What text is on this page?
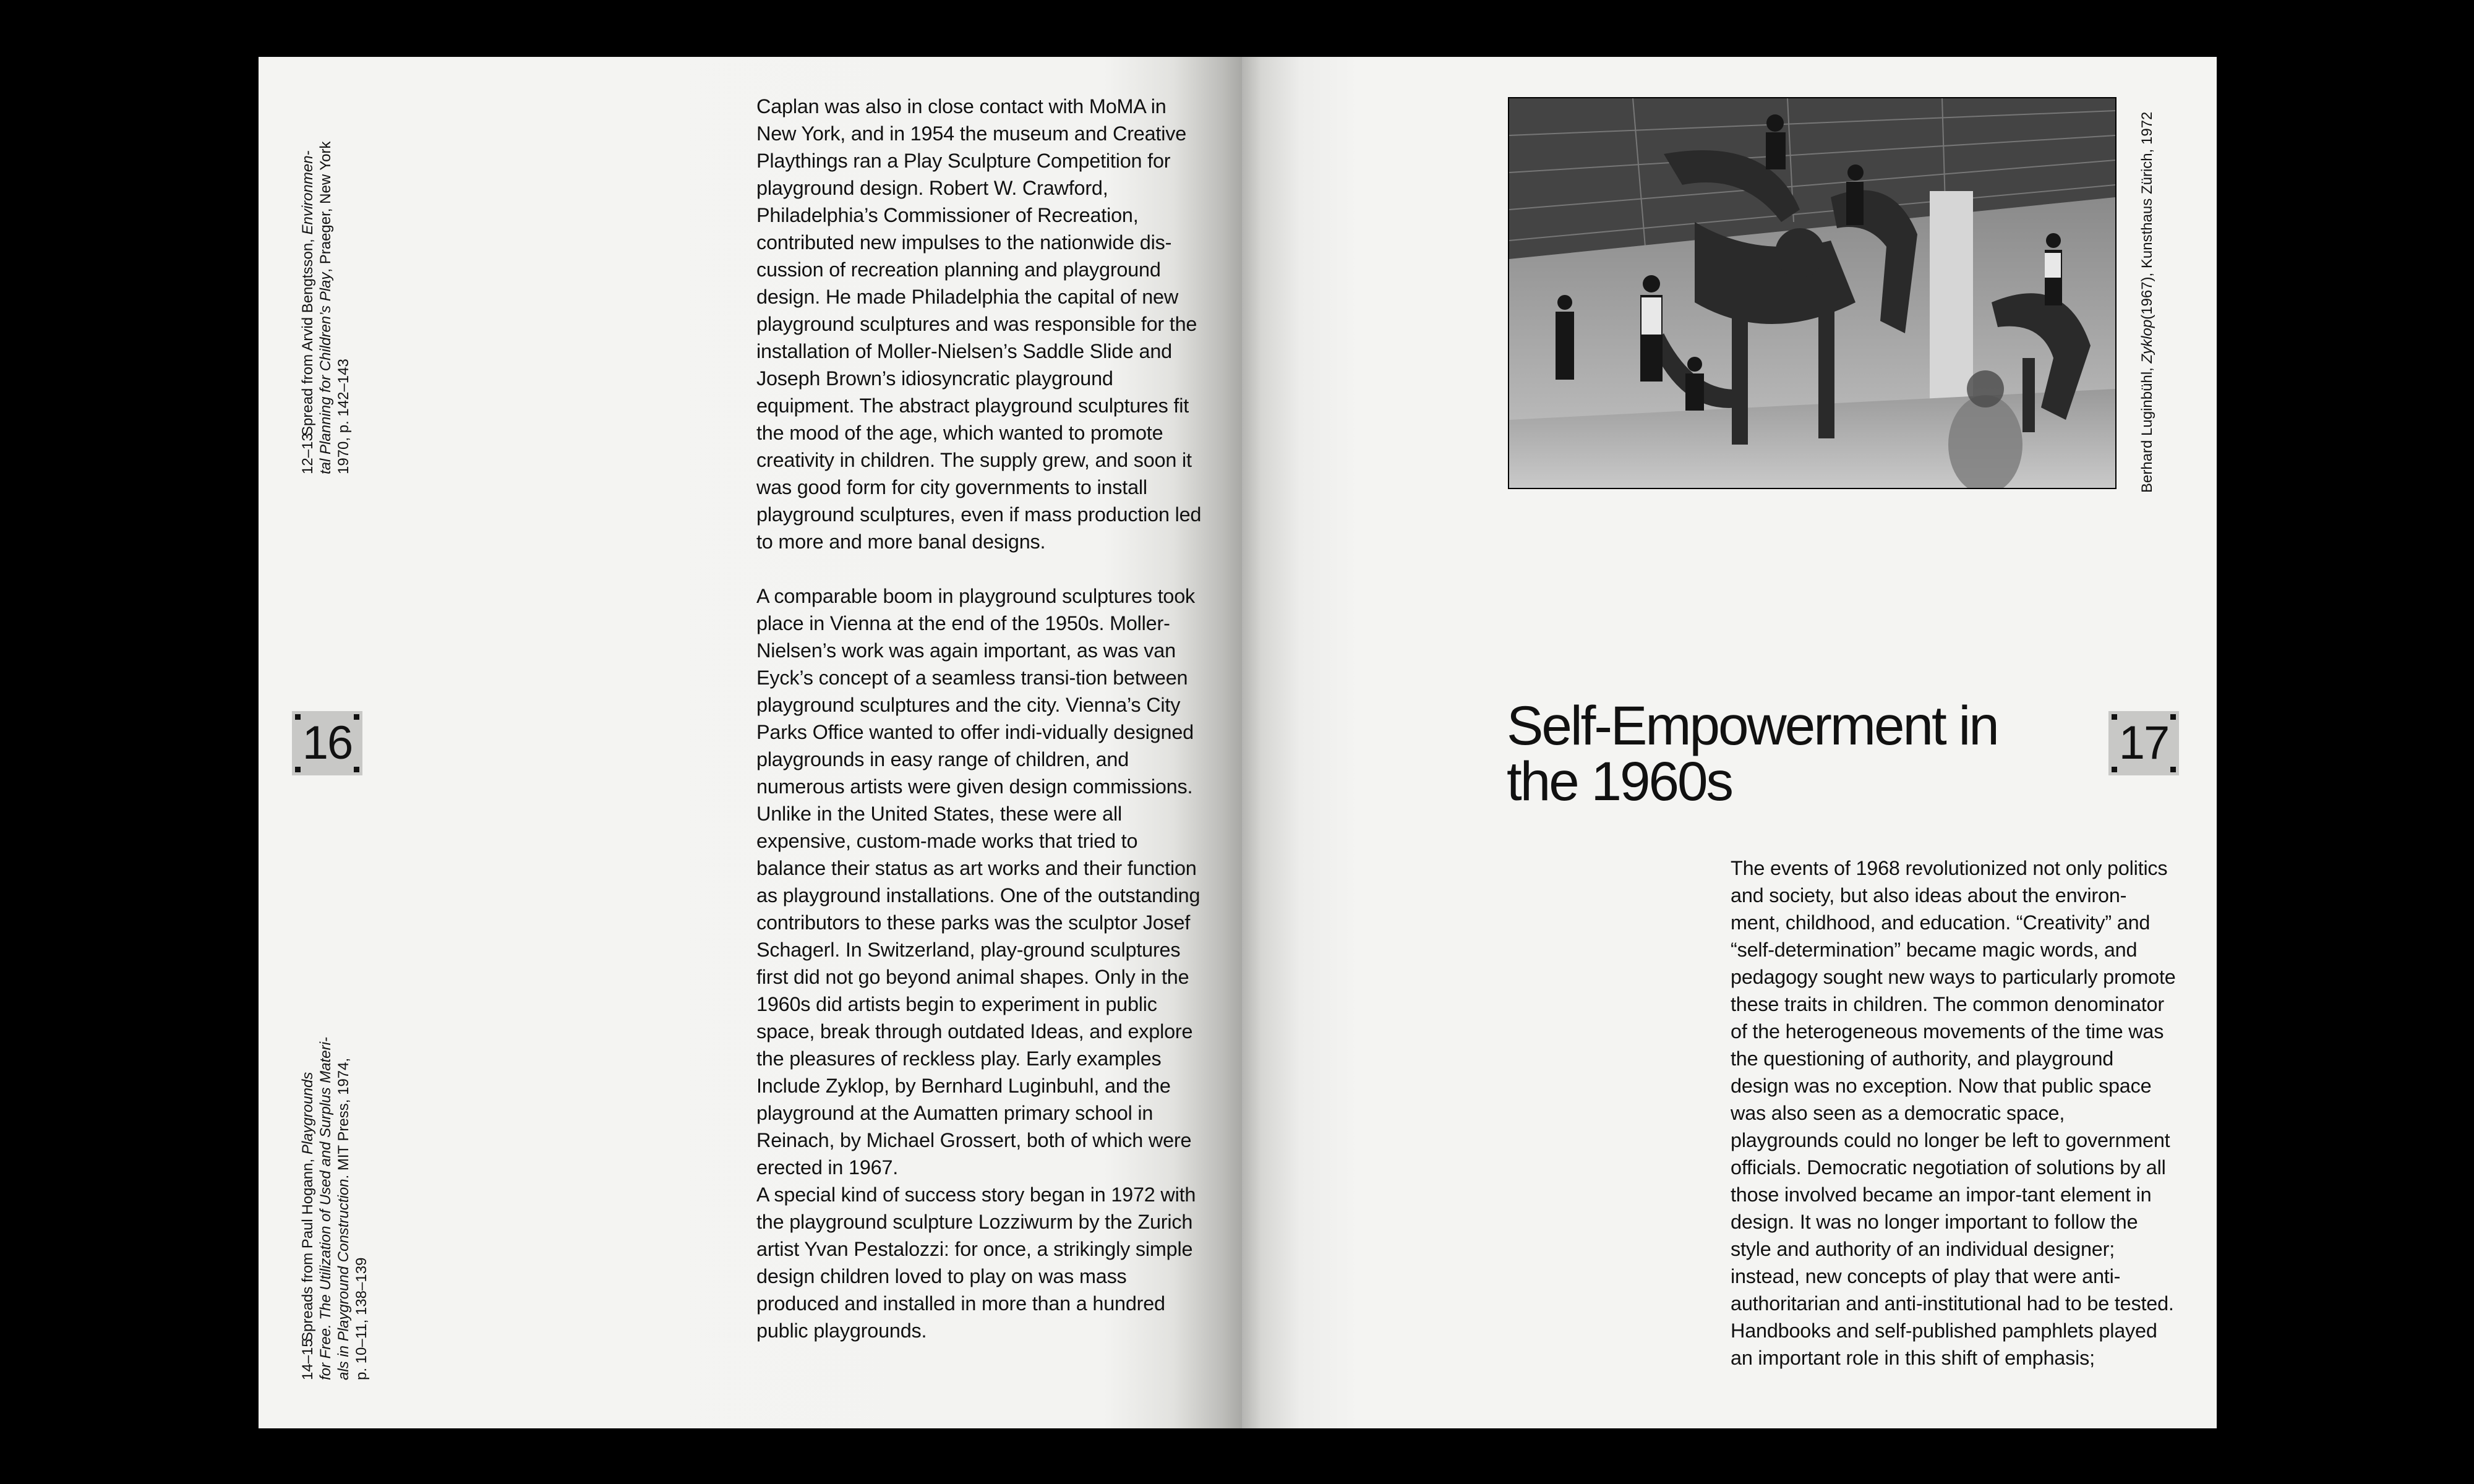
12–13Spread from Arvid Bengtsson, Environmen-
tal Planning for Children’s Play, Praeger, New York
1970, p. 142–143
16
14–15Spreads from Paul Hogann, Playgrounds for Free. The Utilization of Used and Surplus Materi- als in Playground Construction. MIT Press, 1974,
p. 10–11, 138–139

Caplan was also in close contact with MoMA in New York, and in 1954 the museum and Creative Playthings ran a Play Sculpture Competition for playground design. Robert W. Crawford, Philadelphia’s Commissioner of Recreation, contributed new impulses to the nationwide dis-cussion of recreation planning and playground design. He made Philadelphia the capital of new playground sculptures and was responsible for the installation of Moller-Nielsen’s Saddle Slide and Joseph Brown’s idiosyncratic playground equipment. The abstract playground sculptures fit the mood of the age, which wanted to promote creativity in children. The supply grew, and soon it was good form for city governments to install playground sculptures, even if mass production led to more and more banal designs.

A comparable boom in playground sculptures took place in Vienna at the end of the 1950s. Moller-Nielsen’s work was again important, as was van Eyck’s concept of a seamless transi-tion between playground sculptures and the city. Vienna’s City Parks Office wanted to offer indi-vidually designed playgrounds in easy range of children, and numerous artists were given design commissions. Unlike in the United States, these were all expensive, custom-made works that tried to balance their status as art works and their function as playground installations. One of the outstanding contributors to these parks was the sculptor Josef Schagerl. In Switzerland, play-ground sculptures first did not go beyond animal shapes. Only in the 1960s did artists begin to experiment in public space, break through outdated Ideas, and explore the pleasures of reckless play. Early examples Include Zyklop, by Bernhard Luginbuhl, and the playground at the Aumatten primary school in Reinach, by Michael Grossert, both of which were erected in 1967.

A special kind of success story began in 1972 with the playground sculpture Lozziwurm by the Zurich artist Yvan Pestalozzi: for once, a strikingly simple design children loved to play on was mass produced and installed in more than a hundred public playgrounds.

Berhard Luginbühl, Zyklop(1967), Kunsthaus Zürich, 1972
Self-Empowerment in
the 1960s
17

The events of 1968 revolutionized not only politics and society, but also ideas about the environ-ment, childhood, and education. “Creativity” and “self-determination” became magic words, and pedagogy sought new ways to particularly promote these traits in children. The common denominator of the heterogeneous movements of the time was the questioning of authority, and playground design was no exception. Now that public space was also seen as a democratic space, playgrounds could no longer be left to government officials. Democratic negotiation of solutions by all those involved became an impor-tant element in design. It was no longer important to follow the style and authority of an individual designer; instead, new concepts of play that were anti-authoritarian and anti-institutional had to be tested. Handbooks and self-published pamphlets played an important role in this shift of emphasis;
